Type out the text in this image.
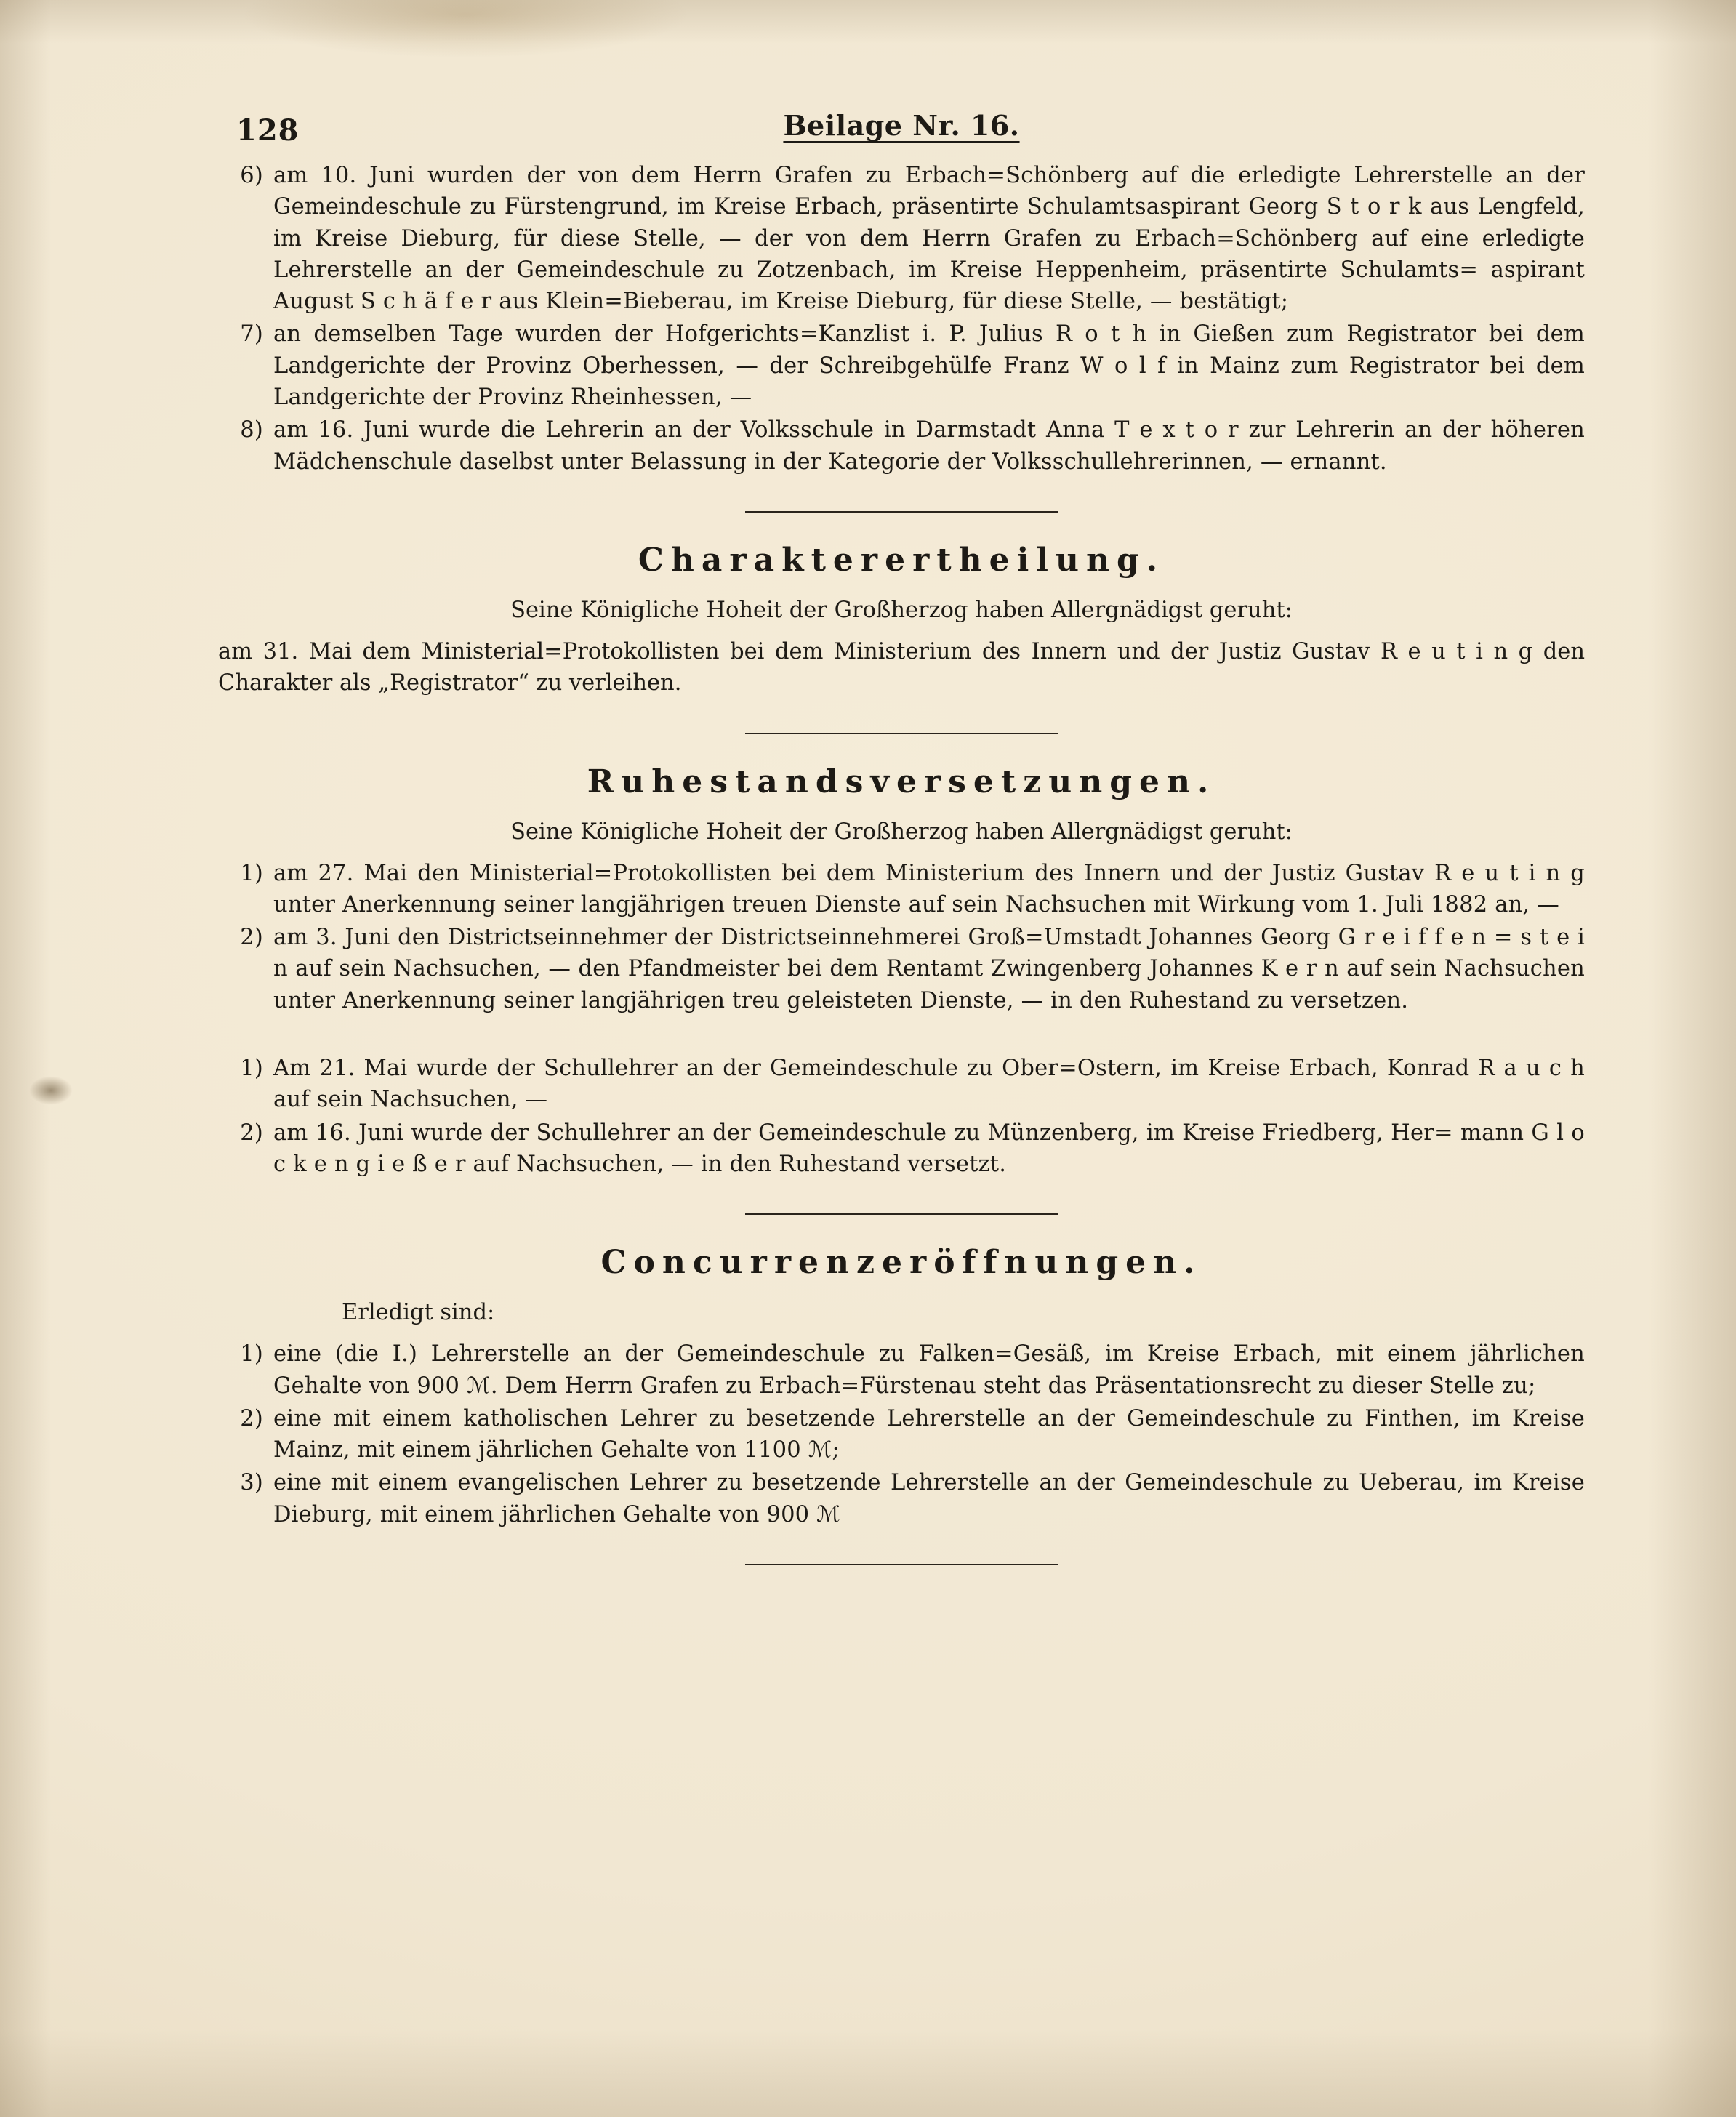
128	Beilage Nr. 16.
6) am 10. Juni wurden der von dem Herrn Grafen zu Erbach=Schönberg auf die erledigte Lehrerstelle an der Gemeindeschule zu Fürstengrund, im Kreise Erbach, präsentirte Schulamtsaspirant Georg S t o r k aus Lengfeld, im Kreise Dieburg, für diese Stelle, — der von dem Herrn Grafen zu Erbach=Schönberg auf eine erledigte Lehrerstelle an der Gemeindeschule zu Zotzenbach, im Kreise Heppenheim, präsentirte Schulamts= aspirant August S c h ä f e r aus Klein=Bieberau, im Kreise Dieburg, für diese Stelle, — bestätigt;
7) an demselben Tage wurden der Hofgerichts=Kanzlist i. P. Julius R o t h in Gießen zum Registrator bei dem Landgerichte der Provinz Oberhessen, — der Schreibgehülfe Franz W o l f in Mainz zum Registrator bei dem Landgerichte der Provinz Rheinhessen, —
8) am 16. Juni wurde die Lehrerin an der Volksschule in Darmstadt Anna T e x t o r zur Lehrerin an der höheren Mädchenschule daselbst unter Belassung in der Kategorie der Volksschullehrerinnen, — ernannt.
Charakterertheilung.
Seine Königliche Hoheit der Großherzog haben Allergnädigst geruht:
am 31. Mai dem Ministerial=Protokollisten bei dem Ministerium des Innern und der Justiz Gustav R e u t i n g den Charakter als „Registrator“ zu verleihen.
Ruhestandsversetzungen.
Seine Königliche Hoheit der Großherzog haben Allergnädigst geruht:
1) am 27. Mai den Ministerial=Protokollisten bei dem Ministerium des Innern und der Justiz Gustav R e u t i n g unter Anerkennung seiner langjährigen treuen Dienste auf sein Nachsuchen mit Wirkung vom 1. Juli 1882 an, —
2) am 3. Juni den Districtseinnehmer der Districtseinnehmerei Groß=Umstadt Johannes Georg G r e i f f e n = s t e i n auf sein Nachsuchen, — den Pfandmeister bei dem Rentamt Zwingenberg Johannes K e r n auf sein Nachsuchen unter Anerkennung seiner langjährigen treu geleisteten Dienste, — in den Ruhestand zu versetzen.
1) Am 21. Mai wurde der Schullehrer an der Gemeindeschule zu Ober=Ostern, im Kreise Erbach, Konrad R a u c h auf sein Nachsuchen, —
2) am 16. Juni wurde der Schullehrer an der Gemeindeschule zu Münzenberg, im Kreise Friedberg, Her= mann G l o c k e n g i e ß e r auf Nachsuchen, — in den Ruhestand versetzt.
Concurrenzeröffnungen.
Erledigt sind:
1) eine (die I.) Lehrerstelle an der Gemeindeschule zu Falken=Gesäß, im Kreise Erbach, mit einem jährlichen Gehalte von 900 ℳ. Dem Herrn Grafen zu Erbach=Fürstenau steht das Präsentationsrecht zu dieser Stelle zu;
2) eine mit einem katholischen Lehrer zu besetzende Lehrerstelle an der Gemeindeschule zu Finthen, im Kreise Mainz, mit einem jährlichen Gehalte von 1100 ℳ;
3) eine mit einem evangelischen Lehrer zu besetzende Lehrerstelle an der Gemeindeschule zu Ueberau, im Kreise Dieburg, mit einem jährlichen Gehalte von 900 ℳ
